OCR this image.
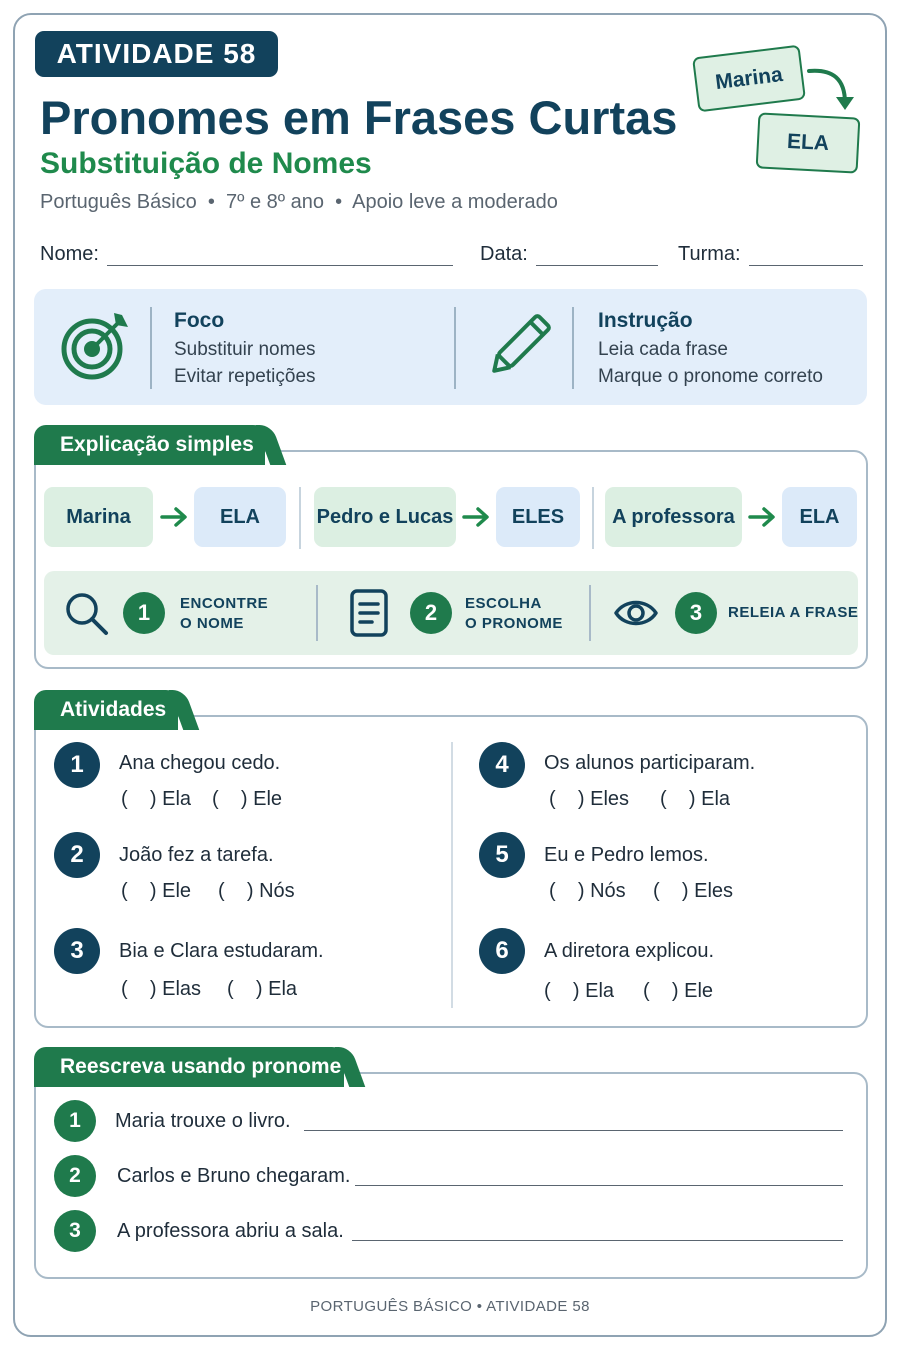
ATIVIDADE 58
Pronomes em Frases Curtas
Substituição de Nomes
Português Básico  •  7º e 8º ano  •  Apoio leve a moderado
Marina
ELA
Nome:	Data:	Turma:
Foco
Substituir nomes
Evitar repetições
Instrução
Leia cada frase
Marque o pronome correto
Explicação simples
Marina	ELA	Pedro e Lucas	ELES	A professora	ELA
1	ENCONTRE
O NOME	2	ESCOLHA
O PRONOME	3	RELEIA A FRASE
Atividades
1	Ana chegou cedo.
(    ) Ela (    ) Ele
2	João fez a tarefa.
(    ) Ele (    ) Nós
3	Bia e Clara estudaram.
(    ) Elas (    ) Ela
4	Os alunos participaram.
(    ) Eles (    ) Ela
5	Eu e Pedro lemos.
(    ) Nós (    ) Eles
6	A diretora explicou.
(    ) Ela (    ) Ele
Reescreva usando pronome
1	Maria trouxe o livro.
2	Carlos e Bruno chegaram.
3	A professora abriu a sala.
PORTUGUÊS BÁSICO • ATIVIDADE 58
